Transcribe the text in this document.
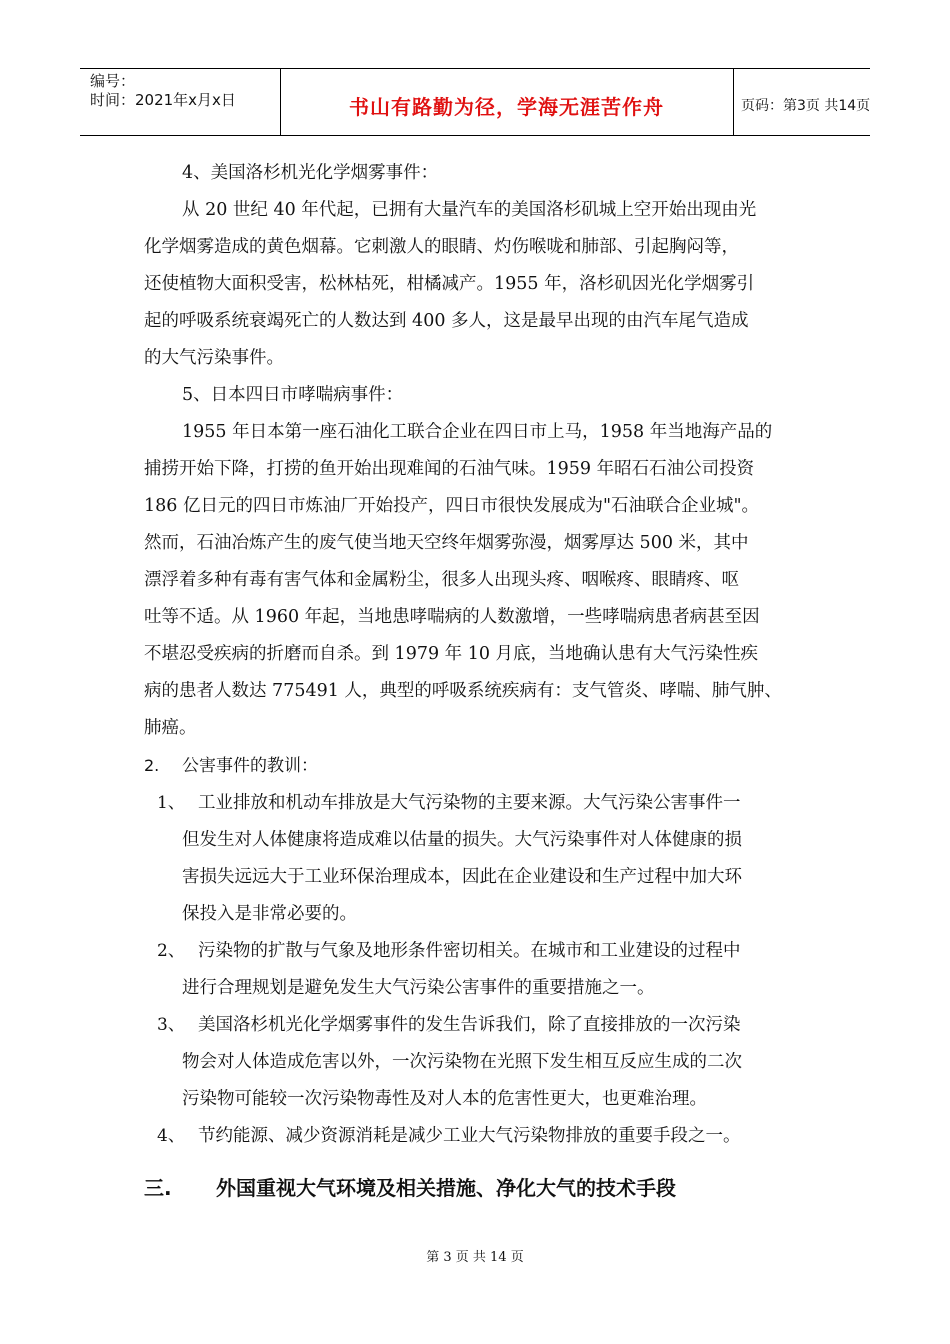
编号：
时间：2021年x月x日	书山有路勤为径，学海无涯苦作舟	页码：第3页 共14页
4、美国洛杉机光化学烟雾事件：
从 20 世纪 40 年代起，已拥有大量汽车的美国洛杉矶城上空开始出现由光
化学烟雾造成的黄色烟幕。它刺激人的眼睛、灼伤喉咙和肺部、引起胸闷等，
还使植物大面积受害，松林枯死，柑橘减产。1955 年，洛杉矶因光化学烟雾引
起的呼吸系统衰竭死亡的人数达到 400 多人，这是最早出现的由汽车尾气造成
的大气污染事件。
5、日本四日市哮喘病事件：
1955 年日本第一座石油化工联合企业在四日市上马，1958 年当地海产品的
捕捞开始下降，打捞的鱼开始出现难闻的石油气味。1959 年昭石石油公司投资
186 亿日元的四日市炼油厂开始投产，四日市很快发展成为"石油联合企业城"。
然而，石油冶炼产生的废气使当地天空终年烟雾弥漫，烟雾厚达 500 米，其中
漂浮着多种有毒有害气体和金属粉尘，很多人出现头疼、咽喉疼、眼睛疼、呕
吐等不适。从 1960 年起，当地患哮喘病的人数激增，一些哮喘病患者病甚至因
不堪忍受疾病的折磨而自杀。到 1979 年 10 月底，当地确认患有大气污染性疾
病的患者人数达 775491 人，典型的呼吸系统疾病有：支气管炎、哮喘、肺气肿、
肺癌。
2. 公害事件的教训：
1、 工业排放和机动车排放是大气污染物的主要来源。大气污染公害事件一
但发生对人体健康将造成难以估量的损失。大气污染事件对人体健康的损
害损失远远大于工业环保治理成本，因此在企业建设和生产过程中加大环
保投入是非常必要的。
2、 污染物的扩散与气象及地形条件密切相关。在城市和工业建设的过程中
进行合理规划是避免发生大气污染公害事件的重要措施之一。
3、 美国洛杉机光化学烟雾事件的发生告诉我们，除了直接排放的一次污染
物会对人体造成危害以外，一次污染物在光照下发生相互反应生成的二次
污染物可能较一次污染物毒性及对人本的危害性更大，也更难治理。
4、 节约能源、减少资源消耗是减少工业大气污染物排放的重要手段之一。
三. 外国重视大气环境及相关措施、净化大气的技术手段
第 3 页 共 14 页
